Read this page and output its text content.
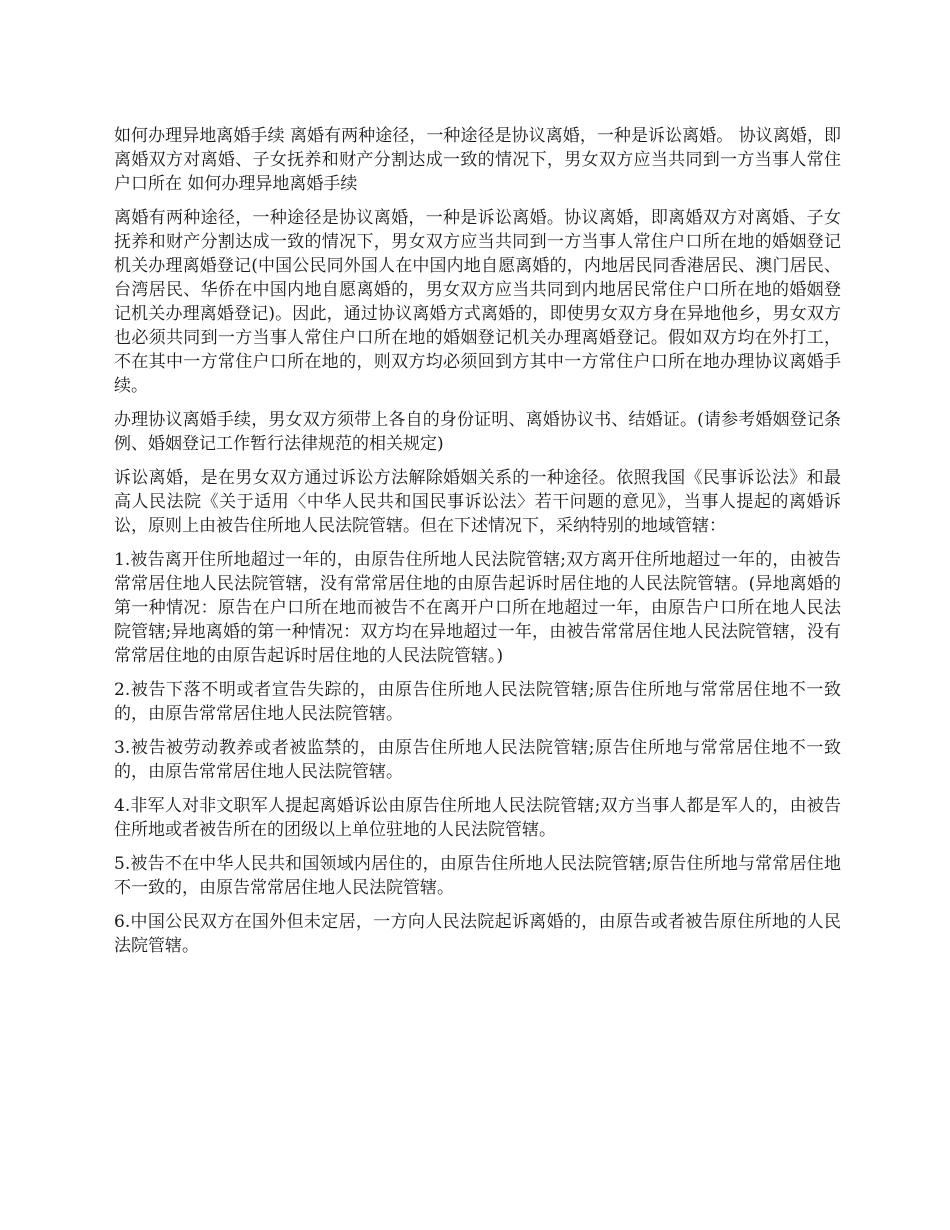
如何办理异地离婚手续 离婚有两种途径，一种途径是协议离婚，一种是诉讼离婚。 协议离婚，即离婚双方对离婚、子女抚养和财产分割达成一致的情况下，男女双方应当共同到一方当事人常住户口所在 如何办理异地离婚手续

离婚有两种途径，一种途径是协议离婚，一种是诉讼离婚。协议离婚，即离婚双方对离婚、子女抚养和财产分割达成一致的情况下，男女双方应当共同到一方当事人常住户口所在地的婚姻登记机关办理离婚登记(中国公民同外国人在中国内地自愿离婚的，内地居民同香港居民、澳门居民、台湾居民、华侨在中国内地自愿离婚的，男女双方应当共同到内地居民常住户口所在地的婚姻登记机关办理离婚登记)。因此，通过协议离婚方式离婚的，即使男女双方身在异地他乡，男女双方也必须共同到一方当事人常住户口所在地的婚姻登记机关办理离婚登记。假如双方均在外打工，不在其中一方常住户口所在地的，则双方均必须回到方其中一方常住户口所在地办理协议离婚手续。

办理协议离婚手续，男女双方须带上各自的身份证明、离婚协议书、结婚证。(请参考婚姻登记条例、婚姻登记工作暂行法律规范的相关规定)

诉讼离婚，是在男女双方通过诉讼方法解除婚姻关系的一种途径。依照我国《民事诉讼法》和最高人民法院《关于适用〈中华人民共和国民事诉讼法〉若干问题的意见》，当事人提起的离婚诉讼，原则上由被告住所地人民法院管辖。但在下述情况下，采纳特别的地域管辖：

1.被告离开住所地超过一年的，由原告住所地人民法院管辖;双方离开住所地超过一年的，由被告常常居住地人民法院管辖，没有常常居住地的由原告起诉时居住地的人民法院管辖。(异地离婚的第一种情况：原告在户口所在地而被告不在离开户口所在地超过一年，由原告户口所在地人民法院管辖;异地离婚的第一种情况：双方均在异地超过一年，由被告常常居住地人民法院管辖，没有常常居住地的由原告起诉时居住地的人民法院管辖。)

2.被告下落不明或者宣告失踪的，由原告住所地人民法院管辖;原告住所地与常常居住地不一致的，由原告常常居住地人民法院管辖。

3.被告被劳动教养或者被监禁的，由原告住所地人民法院管辖;原告住所地与常常居住地不一致的，由原告常常居住地人民法院管辖。

4.非军人对非文职军人提起离婚诉讼由原告住所地人民法院管辖;双方当事人都是军人的，由被告住所地或者被告所在的团级以上单位驻地的人民法院管辖。

5.被告不在中华人民共和国领域内居住的，由原告住所地人民法院管辖;原告住所地与常常居住地不一致的，由原告常常居住地人民法院管辖。

6.中国公民双方在国外但未定居，一方向人民法院起诉离婚的，由原告或者被告原住所地的人民法院管辖。
